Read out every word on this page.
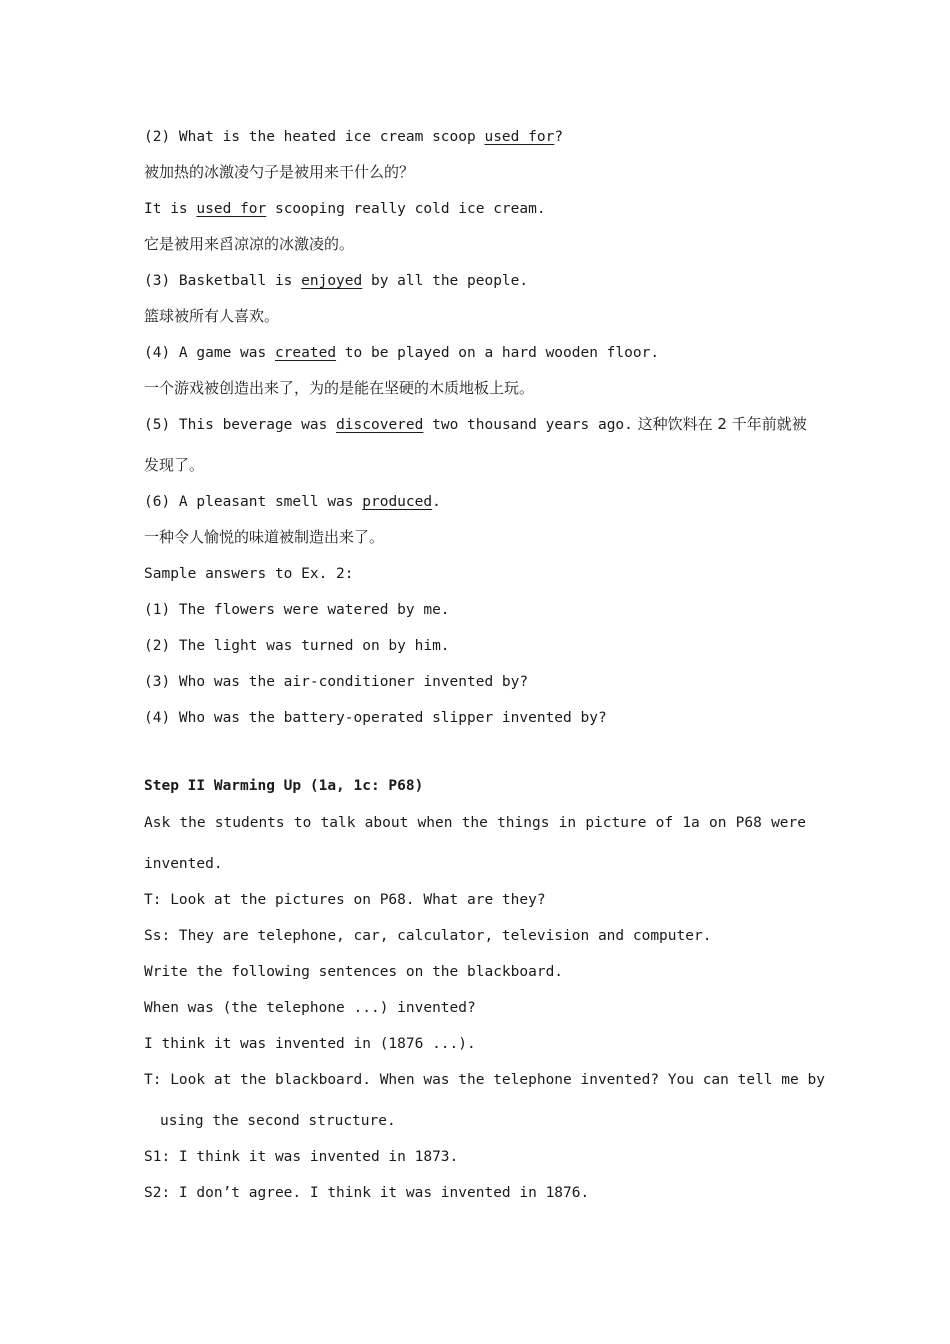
(2) What is the heated ice cream scoop used for?
被加热的冰激凌勺子是被用来干什么的？
It is used for scooping really cold ice cream.
它是被用来舀凉凉的冰激凌的。
(3) Basketball is enjoyed by all the people.
篮球被所有人喜欢。
(4) A game was created to be played on a hard wooden floor.
一个游戏被创造出来了，为的是能在坚硬的木质地板上玩。
(5) This beverage was discovered two thousand years ago. 这种饮料在 2 千年前就被
发现了。
(6) A pleasant smell was produced.
一种令人愉悦的味道被制造出来了。
Sample answers to Ex. 2:
(1) The flowers were watered by me.
(2) The light was turned on by him.
(3) Who was the air-conditioner invented by?
(4) Who was the battery-operated slipper invented by?
Step II Warming Up (1a, 1c: P68)
Ask the students to talk about when the things in picture of 1a on P68 were
invented.
T: Look at the pictures on P68. What are they?
Ss: They are telephone, car, calculator, television and computer.
Write the following sentences on the blackboard.
When was (the telephone ...) invented?
I think it was invented in (1876 ...).
T: Look at the blackboard. When was the telephone invented? You can tell me by
using the second structure.
S1: I think it was invented in 1873.
S2: I don’t agree. I think it was invented in 1876.
